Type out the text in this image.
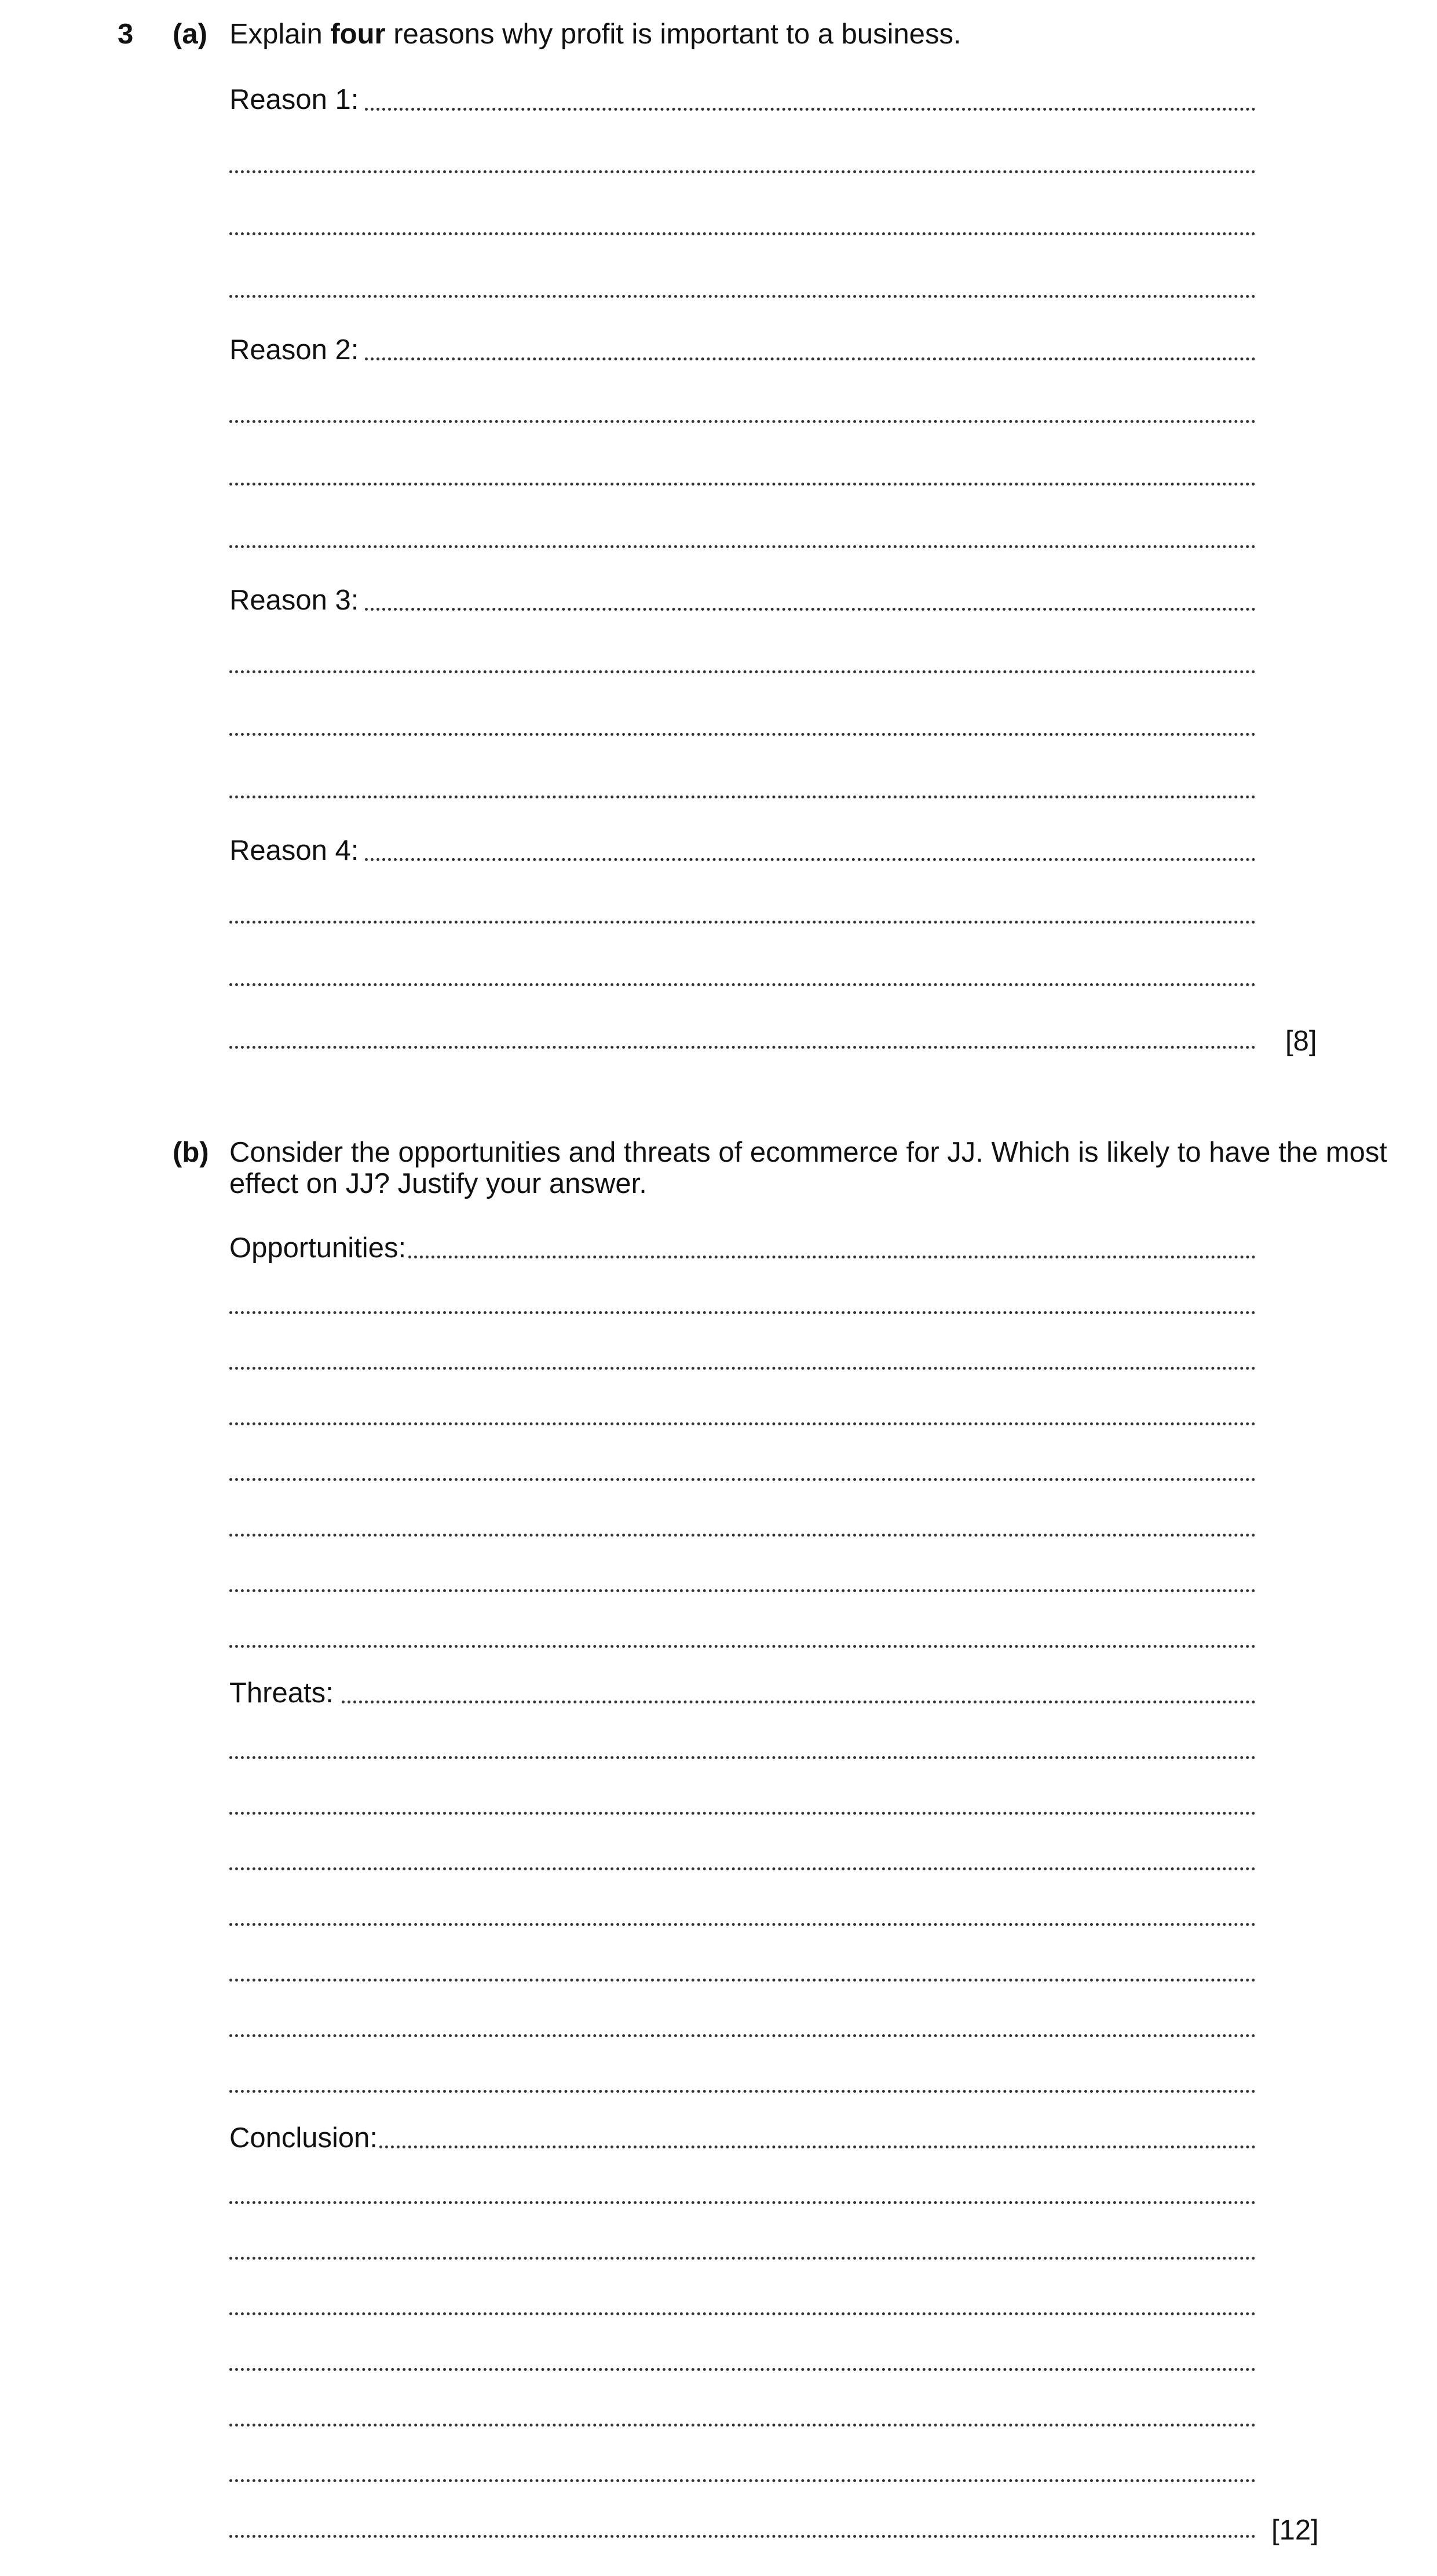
3 (a) Explain four reasons why profit is important to a business.
Reason 1:
Reason 2:
Reason 3:
Reason 4:
[8]
(b) Consider the opportunities and threats of ecommerce for JJ. Which is likely to have the most
effect on JJ? Justify your answer.
Opportunities:
Threats:
Conclusion:
[12]
